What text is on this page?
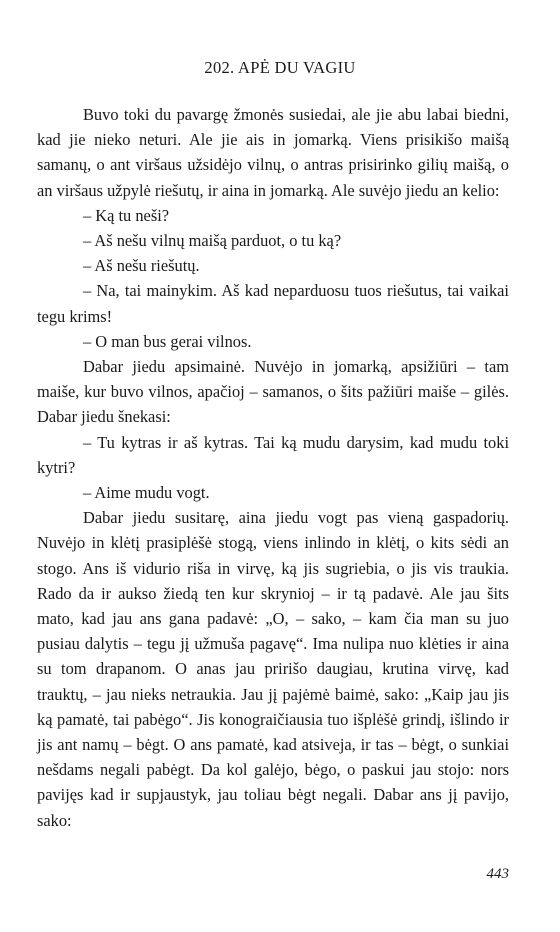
202. APĖ DU VAGIU

Buvo toki du pavargę žmonės susiedai, ale jie abu labai biedni, kad jie nieko neturi. Ale jie ais in jomarką. Viens prisikišo maišą samanų, o ant viršaus užsidėjo vilnų, o antras prisirinko gilių maišą, o an viršaus užpylė riešutų, ir aina in jomarką. Ale suvėjo jiedu an kelio:

– Ką tu neši?

– Aš nešu vilnų maišą parduot, o tu ką?

– Aš nešu riešutų.

– Na, tai mainykim. Aš kad neparduosu tuos riešutus, tai vaikai tegu krims!

– O man bus gerai vilnos.

Dabar jiedu apsimainė. Nuvėjo in jomarką, apsižiūri – tam maiše, kur buvo vilnos, apačioj – samanos, o šits pažiūri maiše – gilės. Dabar jiedu šnekasi:

– Tu kytras ir aš kytras. Tai ką mudu darysim, kad mudu toki kytri?

– Aime mudu vogt.

Dabar jiedu susitarę, aina jiedu vogt pas vieną gaspadorių. Nuvėjo in klėtį prasiplėšė stogą, viens inlindo in klėtį, o kits sėdi an stogo. Ans iš vidurio riša in virvę, ką jis sugriebia, o jis vis traukia. Rado da ir aukso žiedą ten kur skrynioj – ir tą padavė. Ale jau šits mato, kad jau ans gana padavė: „O, – sako, – kam čia man su juo pusiau dalytis – tegu jį užmuša pagavę“. Ima nulipa nuo klėties ir aina su tom drapanom. O anas jau pririšo daugiau, krutina virvę, kad trauktų, – jau nieks netraukia. Jau jį pajėmė baimė, sako: „Kaip jau jis ką pamatė, tai pabėgo“. Jis konograičiausia tuo išplėšė grindį, išlindo ir jis ant namų – bėgt. O ans pamatė, kad atsiveja, ir tas – bėgt, o sunkiai nešdams negali pabėgt. Da kol galėjo, bėgo, o paskui jau stojo: nors pavijęs kad ir supjaustyk, jau toliau bėgt negali. Dabar ans jį pavijo, sako:

443
